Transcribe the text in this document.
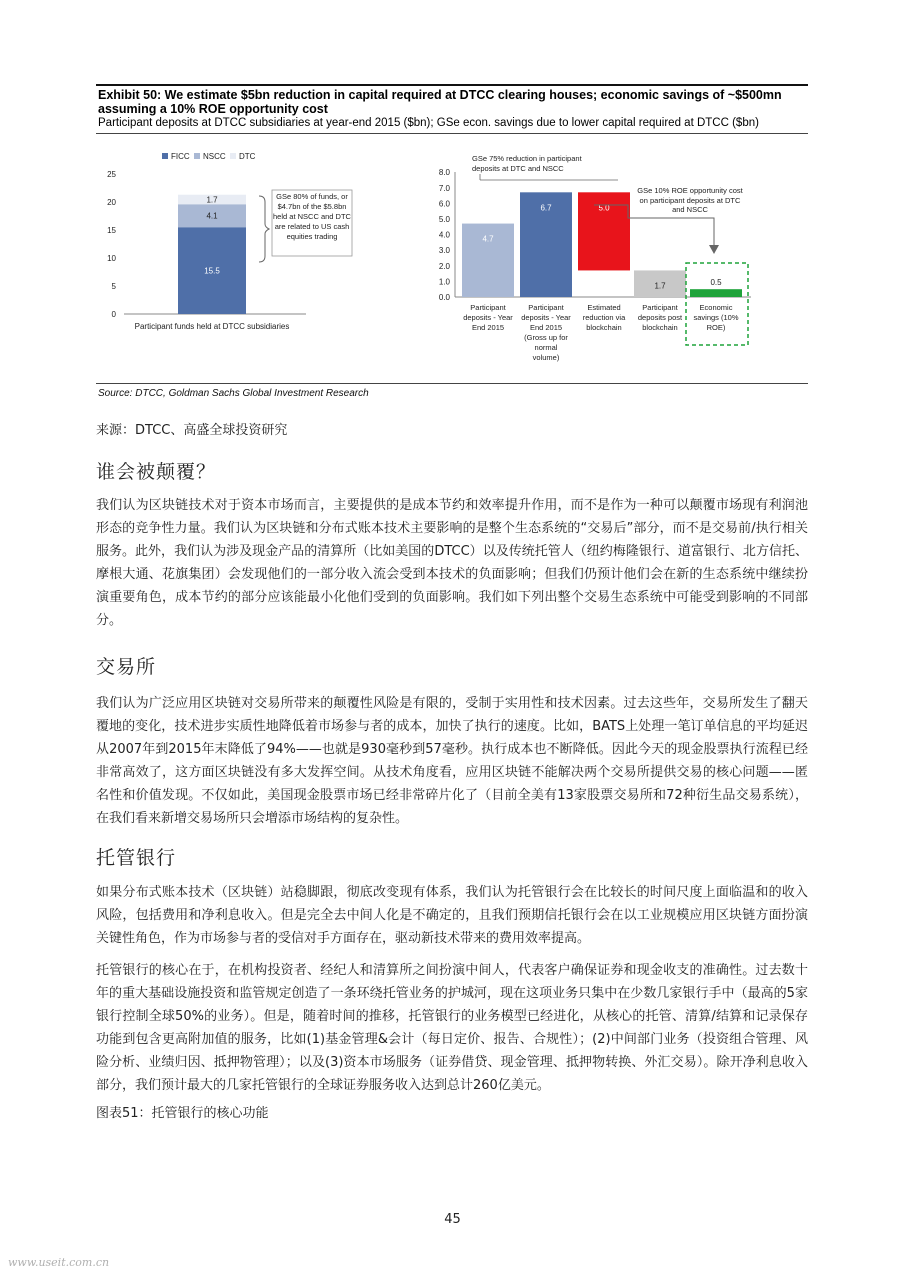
Exhibit 50: We estimate $5bn reduction in capital required at DTCC clearing houses; economic savings of ~$500mn assuming a 10% ROE opportunity cost
Participant deposits at DTCC subsidiaries at year-end 2015 ($bn); GSe econ. savings due to lower capital required at DTCC ($bn)
FICC NSCC DTC
0
5
10
15
20
25
15.5
4.1
1.7
Participant funds held at DTCC subsidiaries
GSe 80% of funds, or $4.7bn of the $5.8bn held at NSCC and DTC are related to US cash equities trading
0.0
1.0
2.0
3.0
4.0
5.0
6.0
7.0
8.0
4.7
6.7	5.0
1.7	0.5
GSe 75% reduction in participant deposits at DTC and NSCC
GSe 10% ROE opportunity cost on participant deposits at DTC and NSCC
Participant deposits - Year End 2015
Participant deposits - Year End 2015 (Gross up for normal volume)
Estimated reduction via blockchain
Participant deposits post blockchain
Economic savings (10% ROE)
Source: DTCC, Goldman Sachs Global Investment Research
来源：DTCC、高盛全球投资研究
谁会被颠覆？
我们认为区块链技术对于资本市场而言，主要提供的是成本节约和效率提升作用，而不是作为一种可以颠覆市场现有利润池形态的竞争性力量。我们认为区块链和分布式账本技术主要影响的是整个生态系统的“交易后”部分，而不是交易前/执行相关服务。此外，我们认为涉及现金产品的清算所（比如美国的DTCC）以及传统托管人（纽约梅隆银行、道富银行、北方信托、摩根大通、花旗集团）会发现他们的一部分收入流会受到本技术的负面影响；但我们仍预计他们会在新的生态系统中继续扮演重要角色，成本节约的部分应该能最小化他们受到的负面影响。我们如下列出整个交易生态系统中可能受到影响的不同部分。
交易所
我们认为广泛应用区块链对交易所带来的颠覆性风险是有限的，受制于实用性和技术因素。过去这些年，交易所发生了翻天覆地的变化，技术进步实质性地降低着市场参与者的成本，加快了执行的速度。比如，BATS上处理一笔订单信息的平均延迟从2007年到2015年末降低了94%——也就是930毫秒到57毫秒。执行成本也不断降低。因此今天的现金股票执行流程已经非常高效了，这方面区块链没有多大发挥空间。从技术角度看，应用区块链不能解决两个交易所提供交易的核心问题——匿名性和价值发现。不仅如此，美国现金股票市场已经非常碎片化了（目前全美有13家股票交易所和72种衍生品交易系统），在我们看来新增交易场所只会增添市场结构的复杂性。
托管银行
如果分布式账本技术（区块链）站稳脚跟，彻底改变现有体系，我们认为托管银行会在比较长的时间尺度上面临温和的收入风险，包括费用和净利息收入。但是完全去中间人化是不确定的，且我们预期信托银行会在以工业规模应用区块链方面扮演关键性角色，作为市场参与者的受信对手方面存在，驱动新技术带来的费用效率提高。
托管银行的核心在于，在机构投资者、经纪人和清算所之间扮演中间人，代表客户确保证券和现金收支的准确性。过去数十年的重大基础设施投资和监管规定创造了一条环绕托管业务的护城河，现在这项业务只集中在少数几家银行手中（最高的5家银行控制全球50%的业务）。但是，随着时间的推移，托管银行的业务模型已经进化，从核心的托管、清算/结算和记录保存功能到包含更高附加值的服务，比如(1)基金管理&会计（每日定价、报告、合规性）；(2)中间部门业务（投资组合管理、风险分析、业绩归因、抵押物管理）；以及(3)资本市场服务（证券借贷、现金管理、抵押物转换、外汇交易）。除开净利息收入部分，我们预计最大的几家托管银行的全球证券服务收入达到总计260亿美元。
图表51：托管银行的核心功能
45
www.useit.com.cn
